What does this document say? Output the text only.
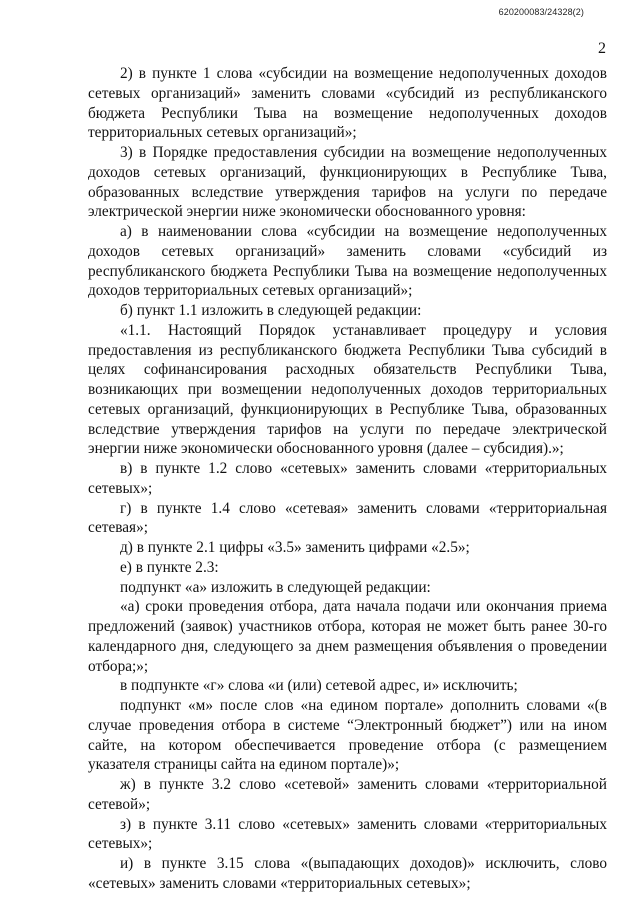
620200083/24328(2)
2

2) в пункте 1 слова «субсидии на возмещение недополученных доходов сетевых организаций» заменить словами «субсидий из республиканского бюджета Республики Тыва на возмещение недополученных доходов территориальных сетевых организаций»;

3) в Порядке предоставления субсидии на возмещение недополученных доходов сетевых организаций, функционирующих в Республике Тыва, образованных вследствие утверждения тарифов на услуги по передаче электрической энергии ниже экономически обоснованного уровня:

а) в наименовании слова «субсидии на возмещение недополученных доходов сетевых организаций» заменить словами «субсидий из республиканского бюджета Республики Тыва на возмещение недополученных доходов территориальных сетевых организаций»;

б) пункт 1.1 изложить в следующей редакции:

«1.1. Настоящий Порядок устанавливает процедуру и условия предоставления из республиканского бюджета Республики Тыва субсидий в целях софинансирования расходных обязательств Республики Тыва, возникающих при возмещении недополученных доходов территориальных сетевых организаций, функционирующих в Республике Тыва, образованных вследствие утверждения тарифов на услуги по передаче электрической энергии ниже экономически обоснованного уровня (далее – субсидия).»;

в) в пункте 1.2 слово «сетевых» заменить словами «территориальных сетевых»;

г) в пункте 1.4 слово «сетевая» заменить словами «территориальная сетевая»;

д) в пункте 2.1 цифры «3.5» заменить цифрами «2.5»;

е) в пункте 2.3:

подпункт «а» изложить в следующей редакции:

«а) сроки проведения отбора, дата начала подачи или окончания приема предложений (заявок) участников отбора, которая не может быть ранее 30-го календарного дня, следующего за днем размещения объявления о проведении отбора;»;

в подпункте «г» слова «и (или) сетевой адрес, и» исключить;

подпункт «м» после слов «на едином портале» дополнить словами «(в случае проведения отбора в системе “Электронный бюджет”) или на ином сайте, на котором обеспечивается проведение отбора (с размещением указателя страницы сайта на едином портале)»;

ж) в пункте 3.2 слово «сетевой» заменить словами «территориальной сетевой»;

з) в пункте 3.11 слово «сетевых» заменить словами «территориальных сетевых»;

и) в пункте 3.15 слова «(выпадающих доходов)» исключить, слово «сетевых» заменить словами «территориальных сетевых»;
